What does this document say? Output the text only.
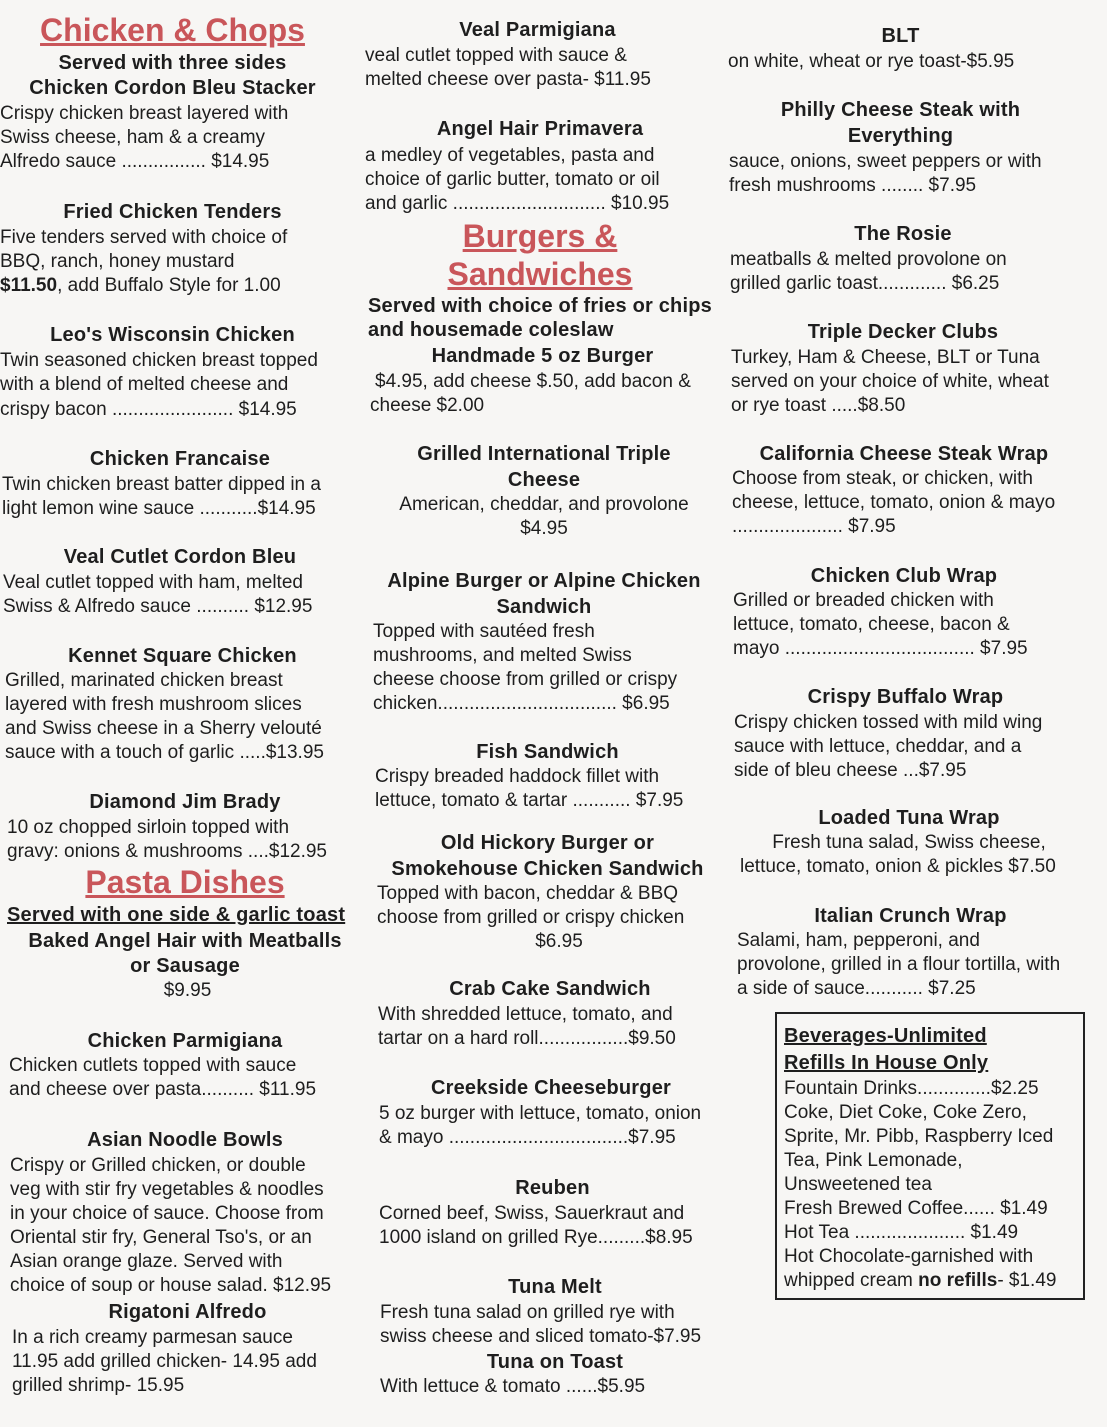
Chicken & Chops
Served with three sides
Chicken Cordon Bleu Stacker
Crispy chicken breast layered with
Swiss cheese, ham & a creamy
Alfredo sauce ................ $14.95
Fried Chicken Tenders
Five tenders served with choice of
BBQ, ranch, honey mustard
$11.50, add Buffalo Style for 1.00
Leo's Wisconsin Chicken
Twin seasoned chicken breast topped
with a blend of melted cheese and
crispy bacon ....................... $14.95
Chicken Francaise
Twin chicken breast batter dipped in a
light lemon wine sauce ...........$14.95
Veal Cutlet Cordon Bleu
Veal cutlet topped with ham, melted
Swiss & Alfredo sauce .......... $12.95
Kennet Square Chicken
Grilled, marinated chicken breast
layered with fresh mushroom slices
and Swiss cheese in a Sherry velouté
sauce with a touch of garlic .....$13.95
Diamond Jim Brady
10 oz chopped sirloin topped with
gravy: onions & mushrooms ....$12.95
Pasta Dishes
Served with one side & garlic toast
Baked Angel Hair with Meatballs
or Sausage
$9.95
Chicken Parmigiana
Chicken cutlets topped with sauce
and cheese over pasta.......... $11.95
Asian Noodle Bowls
Crispy or Grilled chicken, or double
veg with stir fry vegetables & noodles
in your choice of sauce. Choose from
Oriental stir fry, General Tso's, or an
Asian orange glaze. Served with
choice of soup or house salad. $12.95
Rigatoni Alfredo
In a rich creamy parmesan sauce
11.95 add grilled chicken- 14.95 add
grilled shrimp- 15.95
Veal Parmigiana
veal cutlet topped with sauce &
melted cheese over pasta- $11.95
Angel Hair Primavera
a medley of vegetables, pasta and
choice of garlic butter, tomato or oil
and garlic ............................. $10.95
Burgers &
Sandwiches
Served with choice of fries or chips
and housemade coleslaw
Handmade 5 oz Burger
$4.95, add cheese $.50, add bacon &
cheese $2.00
Grilled International Triple
Cheese
American, cheddar, and provolone
$4.95
Alpine Burger or Alpine Chicken
Sandwich
Topped with sautéed fresh
mushrooms, and melted Swiss
cheese choose from grilled or crispy
chicken.................................. $6.95
Fish Sandwich
Crispy breaded haddock fillet with
lettuce, tomato & tartar ........... $7.95
Old Hickory Burger or
Smokehouse Chicken Sandwich
Topped with bacon, cheddar & BBQ
choose from grilled or crispy chicken
$6.95
Crab Cake Sandwich
With shredded lettuce, tomato, and
tartar on a hard roll.................$9.50
Creekside Cheeseburger
5 oz burger with lettuce, tomato, onion
& mayo ..................................$7.95
Reuben
Corned beef, Swiss, Sauerkraut and
1000 island on grilled Rye.........$8.95
Tuna Melt
Fresh tuna salad on grilled rye with
swiss cheese and sliced tomato-$7.95
Tuna on Toast
With lettuce & tomato ......$5.95
BLT
on white, wheat or rye toast-$5.95
Philly Cheese Steak with
Everything
sauce, onions, sweet peppers or with
fresh mushrooms ........ $7.95
The Rosie
meatballs & melted provolone on
grilled garlic toast............. $6.25
Triple Decker Clubs
Turkey, Ham & Cheese, BLT or Tuna
served on your choice of white, wheat
or rye toast .....$8.50
California Cheese Steak Wrap
Choose from steak, or chicken, with
cheese, lettuce, tomato, onion & mayo
..................... $7.95
Chicken Club Wrap
Grilled or breaded chicken with
lettuce, tomato, cheese, bacon &
mayo .................................... $7.95
Crispy Buffalo Wrap
Crispy chicken tossed with mild wing
sauce with lettuce, cheddar, and a
side of bleu cheese ...$7.95
Loaded Tuna Wrap
Fresh tuna salad, Swiss cheese,
lettuce, tomato, onion & pickles $7.50
Italian Crunch Wrap
Salami, ham, pepperoni, and
provolone, grilled in a flour tortilla, with
a side of sauce........... $7.25
Beverages-Unlimited
Refills In House Only
Fountain Drinks..............$2.25
Coke, Diet Coke, Coke Zero,
Sprite, Mr. Pibb, Raspberry Iced
Tea, Pink Lemonade,
Unsweetened tea
Fresh Brewed Coffee...... $1.49
Hot Tea ..................... $1.49
Hot Chocolate-garnished with
whipped cream no refills- $1.49
